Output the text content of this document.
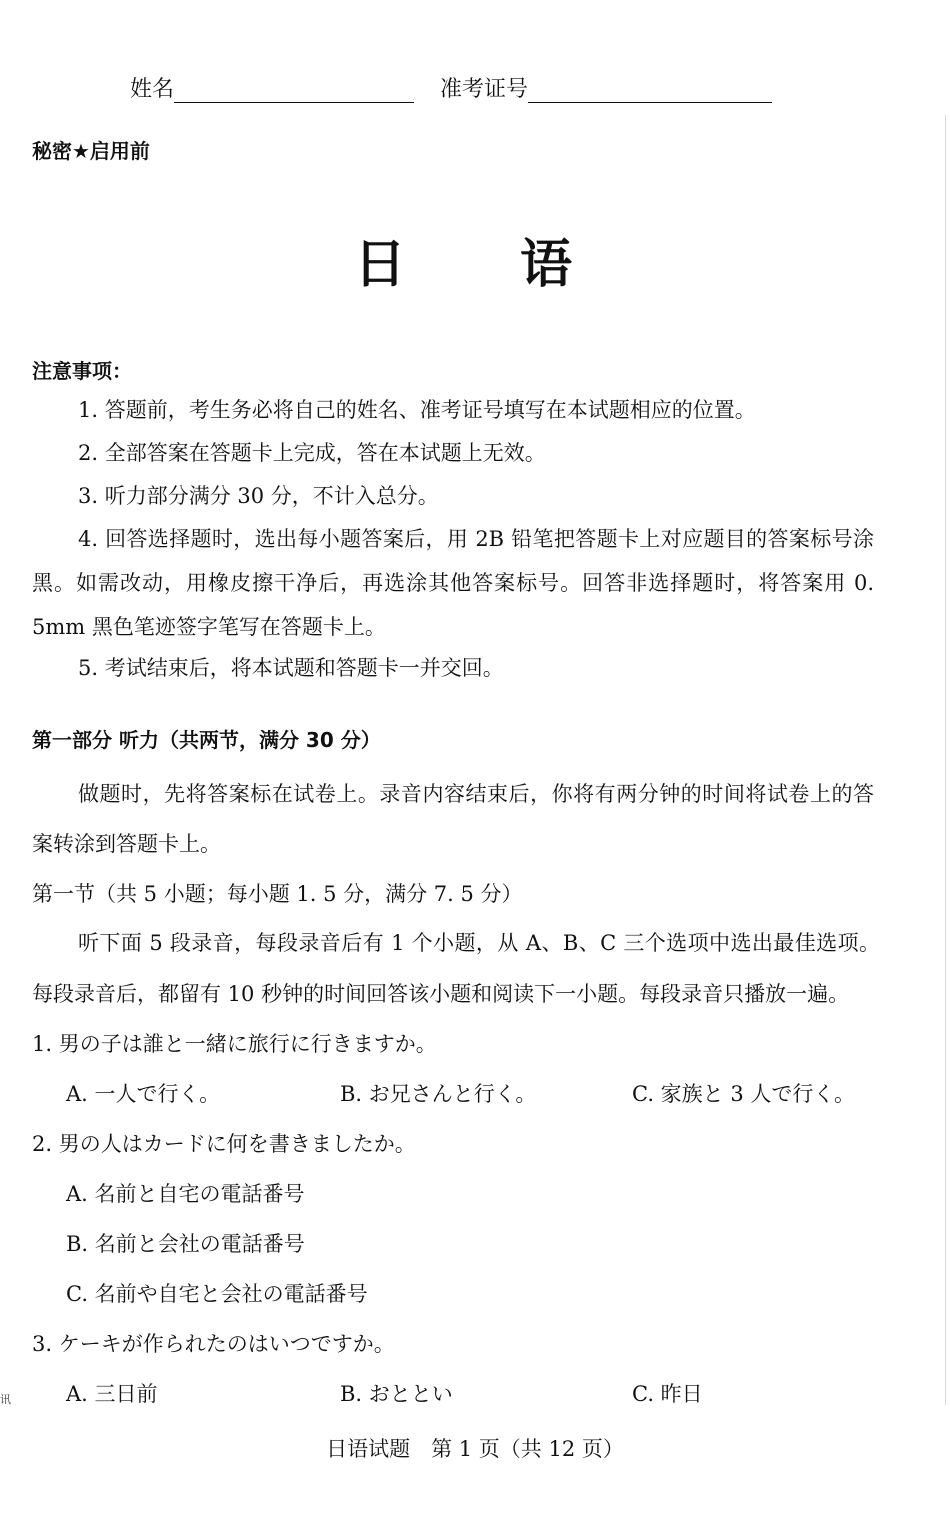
姓名	准考证号
秘密★启用前
日 语
注意事项：
1. 答题前，考生务必将自己的姓名、准考证号填写在本试题相应的位置。
2. 全部答案在答题卡上完成，答在本试题上无效。
3. 听力部分满分 30 分，不计入总分。
4. 回答选择题时，选出每小题答案后，用 2B 铅笔把答题卡上对应题目的答案标号涂黑。如需改动，用橡皮擦干净后，再选涂其他答案标号。回答非选择题时，将答案用 0. 5mm 黑色笔迹签字笔写在答题卡上。
5. 考试结束后，将本试题和答题卡一并交回。
第一部分 听力（共两节，满分 30 分）
做题时，先将答案标在试卷上。录音内容结束后，你将有两分钟的时间将试卷上的答案转涂到答题卡上。
第一节（共 5 小题；每小题 1. 5 分，满分 7. 5 分）
听下面 5 段录音，每段录音后有 1 个小题，从 A、B、C 三个选项中选出最佳选项。每段录音后，都留有 10 秒钟的时间回答该小题和阅读下一小题。每段录音只播放一遍。
1. 男の子は誰と一緒に旅行に行きますか。
A. 一人で行く。	B. お兄さんと行く。	C. 家族と 3 人で行く。
2. 男の人はカードに何を書きましたか。
A. 名前と自宅の電話番号
B. 名前と会社の電話番号
C. 名前や自宅と会社の電話番号
3. ケーキが作られたのはいつですか。
A. 三日前	B. おととい	C. 昨日
讯
日语试题　第 1 页（共 12 页）
